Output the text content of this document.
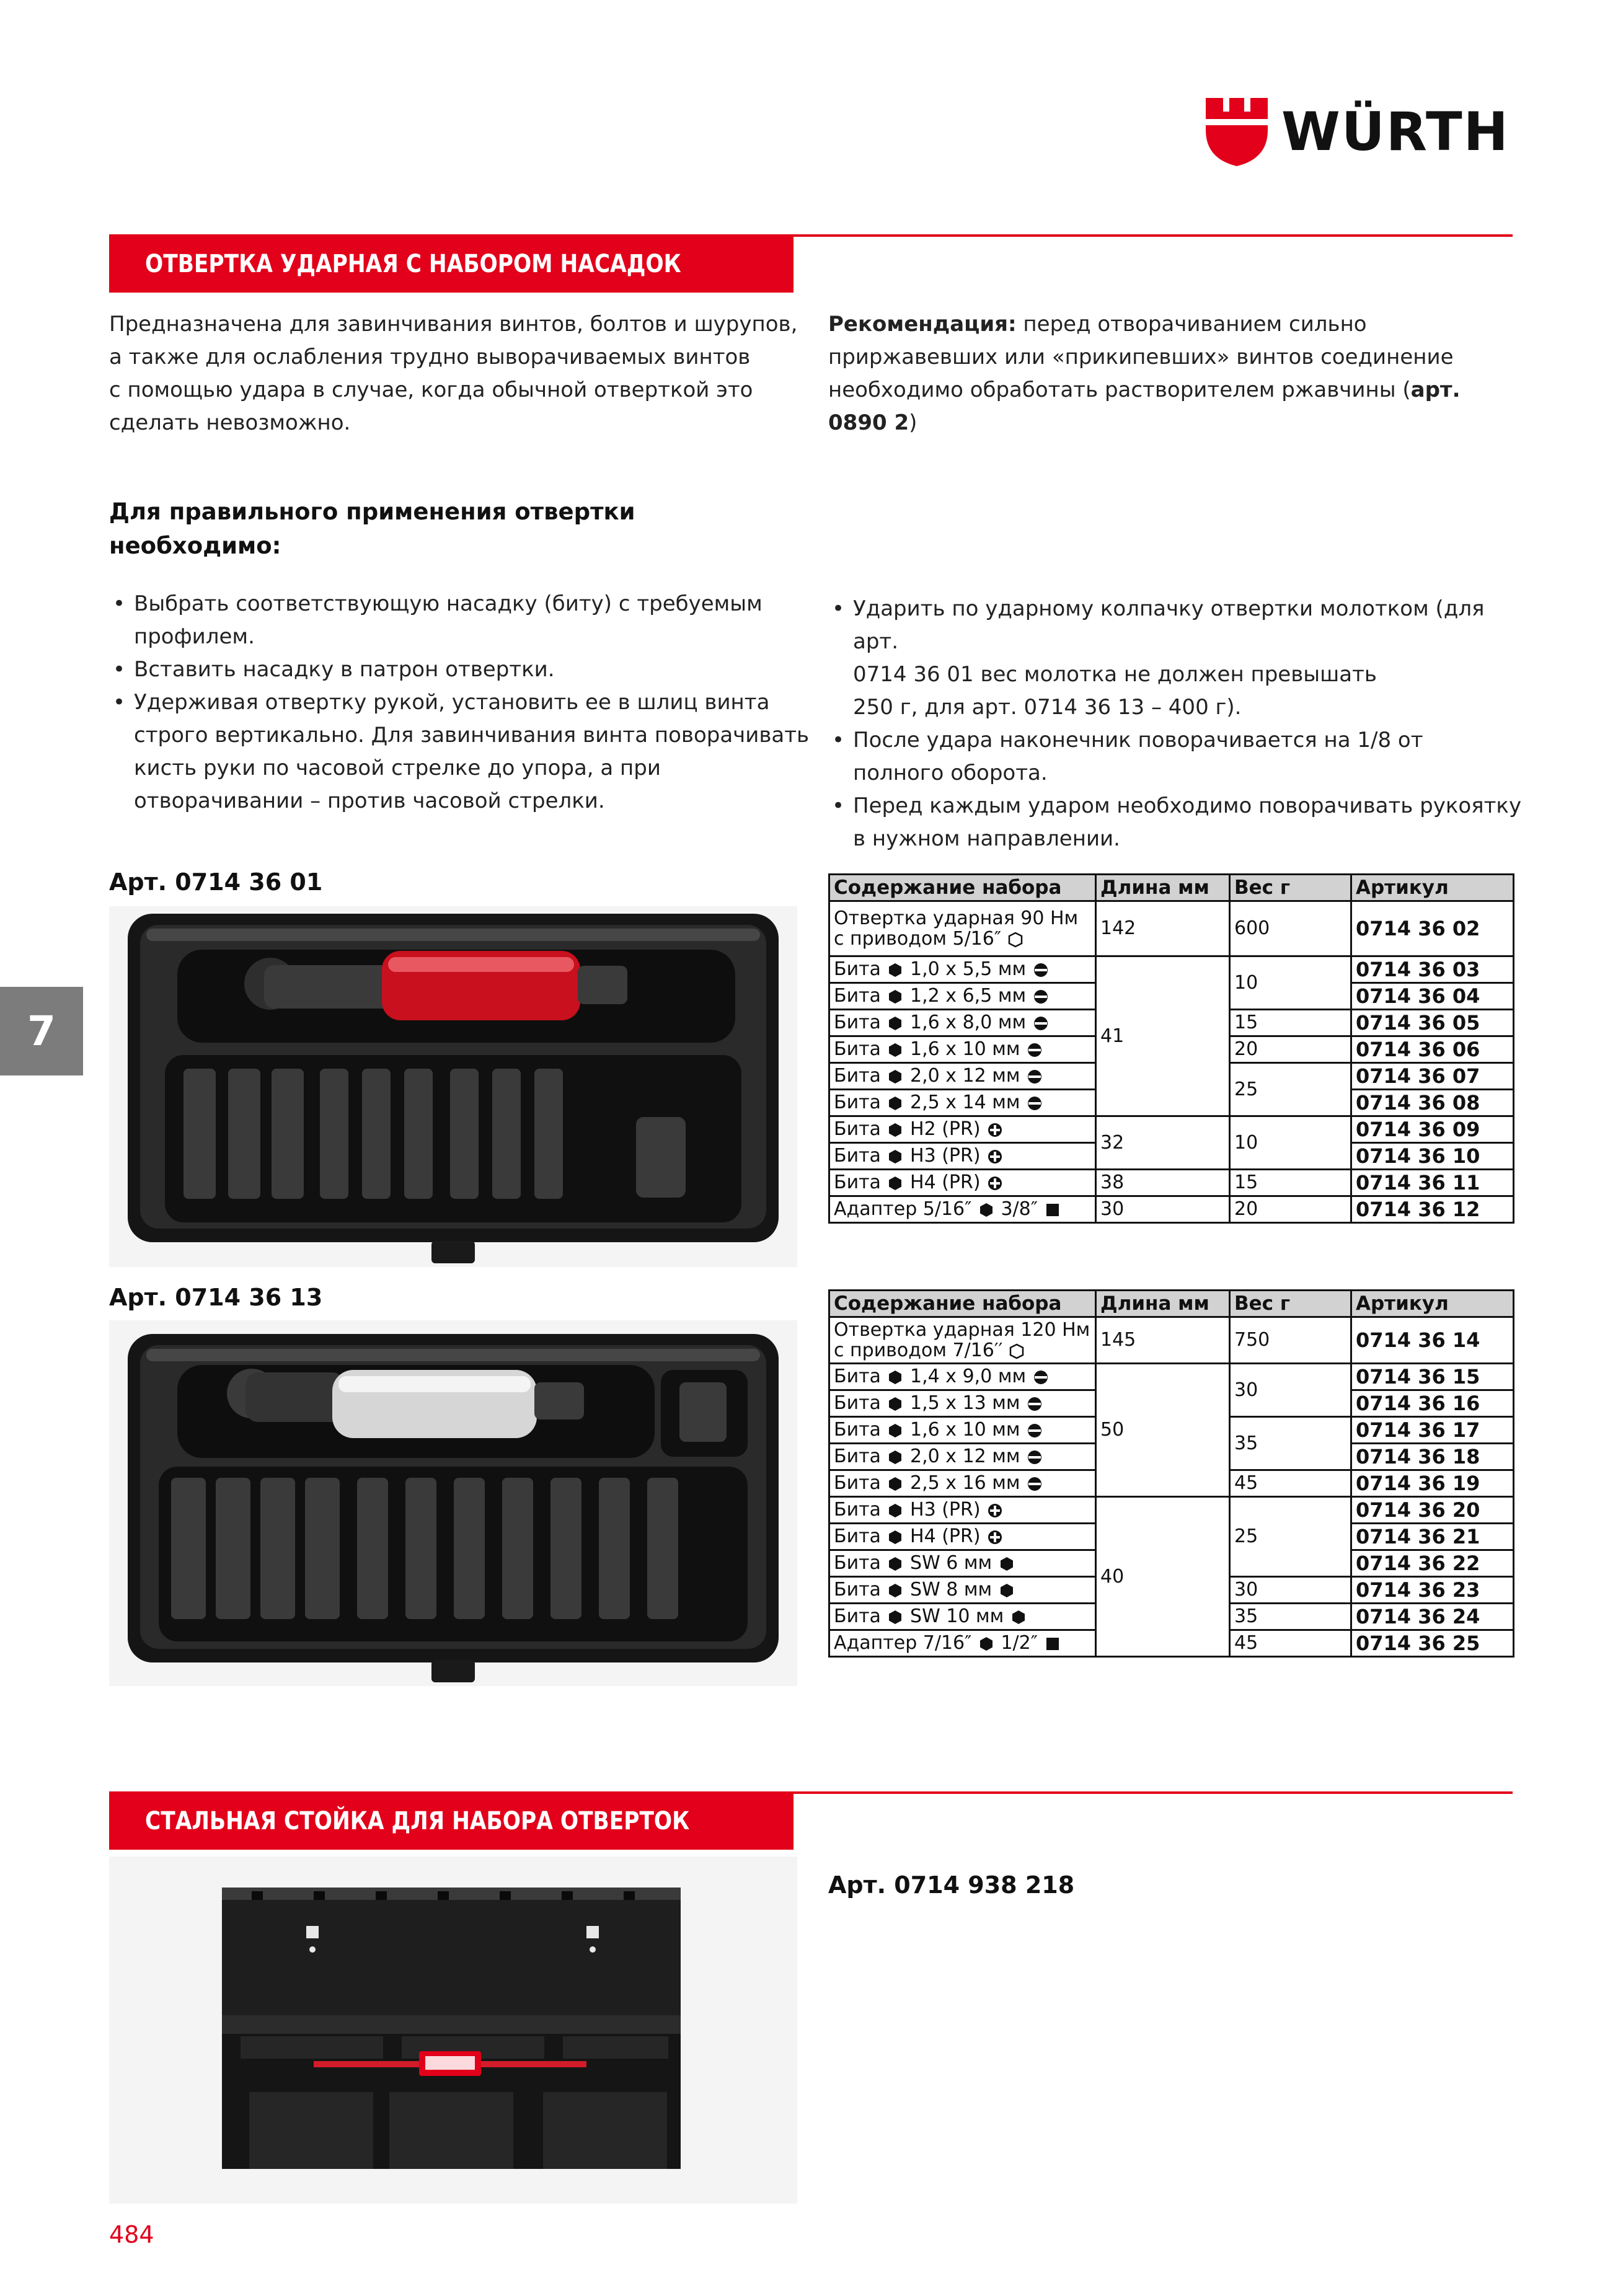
WÜRTH
ОТВЕРТКА УДАРНАЯ С НАБОРОМ НАСАДОК
Предназначена для завинчивания винтов, болтов и шурупов,
а также для ослабления трудно выворачиваемых винтов
с помощью удара в случае, когда обычной отверткой это
сделать невозможно.
Рекомендация: перед отворачиванием сильно
приржавевших или «прикипевших» винтов соединение
необходимо обработать растворителем ржавчины (арт.
0890 2)
Для правильного применения отвертки
необходимо:
• Выбрать соответствующую насадку (биту) с требуемым
профилем.
• Вставить насадку в патрон отвертки.
• Удерживая отвертку рукой, установить ее в шлиц винта
строго вертикально. Для завинчивания винта поворачивать
кисть руки по часовой стрелке до упора, а при
отворачивании – против часовой стрелки.
• Ударить по ударному колпачку отвертки молотком (для арт.
0714 36 01 вес молотка не должен превышать
250 г, для арт. 0714 36 13 – 400 г).
• После удара наконечник поворачивается на 1/8 от
полного оборота.
• Перед каждым ударом необходимо поворачивать рукоятку
в нужном направлении.
7
Арт. 0714 36 01	Содержание набора	Длина мм	Вес г	Артикул

Отвертка ударная 90 Нм
с приводом 5/16″	142	600	0714 36 02
Бита 1,0 x 5,5 мм	41	10	0714 36 03
Бита 1,2 x 6,5 мм			0714 36 04
Бита 1,6 x 8,0 мм		15	0714 36 05
Бита 1,6 x 10 мм		20	0714 36 06
Бита 2,0 x 12 мм		25	0714 36 07
Бита 2,5 x 14 мм			0714 36 08
Бита H2 (PR)	32	10	0714 36 09
Бита H3 (PR)			0714 36 10
Бита H4 (PR)	38	15	0714 36 11
Адаптер 5/16″ 3/8″	30	20	0714 36 12
Арт. 0714 36 13	Содержание набора	Длина мм	Вес г	Артикул

Отвертка ударная 120 Нм
с приводом 7/16′′	145	750	0714 36 14
Бита 1,4 x 9,0 мм	50	30	0714 36 15
Бита 1,5 x 13 мм			0714 36 16
Бита 1,6 x 10 мм		35	0714 36 17
Бита 2,0 x 12 мм			0714 36 18
Бита 2,5 x 16 мм		45	0714 36 19
Бита H3 (PR)	40	25	0714 36 20
Бита H4 (PR)			0714 36 21
Бита SW 6 мм			0714 36 22
Бита SW 8 мм		30	0714 36 23
Бита SW 10 мм		35	0714 36 24
Адаптер 7/16″ 1/2″		45	0714 36 25
СТАЛЬНАЯ СТОЙКА ДЛЯ НАБОРА ОТВЕРТОК
Арт. 0714 938 218
484
